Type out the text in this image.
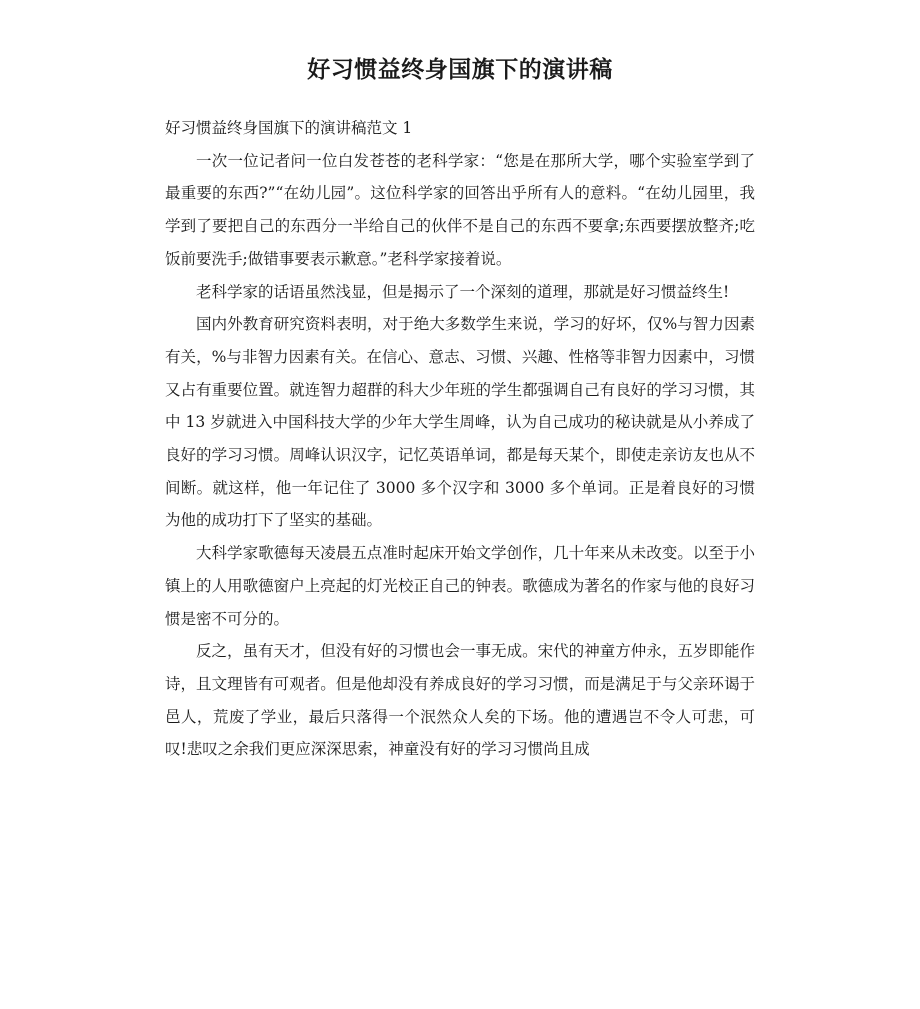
好习惯益终身国旗下的演讲稿

好习惯益终身国旗下的演讲稿范文 1

一次一位记者问一位白发苍苍的老科学家：“您是在那所大学，哪个实验室学到了最重要的东西?”“在幼儿园”。这位科学家的回答出乎所有人的意料。“在幼儿园里，我学到了要把自己的东西分一半给自己的伙伴不是自己的东西不要拿;东西要摆放整齐;吃饭前要洗手;做错事要表示歉意。”老科学家接着说。

老科学家的话语虽然浅显，但是揭示了一个深刻的道理，那就是好习惯益终生!

国内外教育研究资料表明，对于绝大多数学生来说，学习的好坏，仅%与智力因素有关，%与非智力因素有关。在信心、意志、习惯、兴趣、性格等非智力因素中，习惯又占有重要位置。就连智力超群的科大少年班的学生都强调自己有良好的学习习惯，其中 13 岁就进入中国科技大学的少年大学生周峰，认为自己成功的秘诀就是从小养成了良好的学习习惯。周峰认识汉字，记忆英语单词，都是每天某个，即使走亲访友也从不间断。就这样，他一年记住了 3000 多个汉字和 3000 多个单词。正是着良好的习惯为他的成功打下了坚实的基础。

大科学家歌德每天凌晨五点准时起床开始文学创作，几十年来从未改变。以至于小镇上的人用歌德窗户上亮起的灯光校正自己的钟表。歌德成为著名的作家与他的良好习惯是密不可分的。

反之，虽有天才，但没有好的习惯也会一事无成。宋代的神童方仲永，五岁即能作诗，且文理皆有可观者。但是他却没有养成良好的学习习惯，而是满足于与父亲环谒于邑人，荒废了学业，最后只落得一个泯然众人矣的下场。他的遭遇岂不令人可悲，可叹!悲叹之余我们更应深深思索，神童没有好的学习习惯尚且成
